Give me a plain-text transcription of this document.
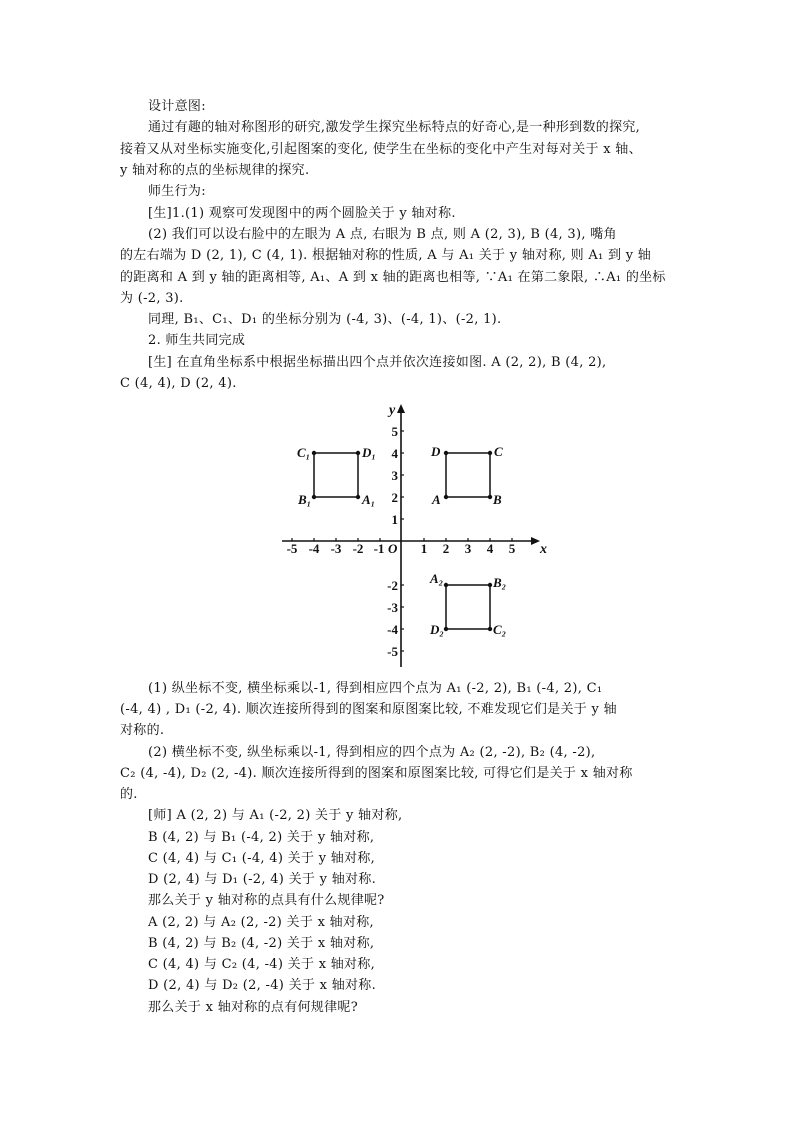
设计意图:
通过有趣的轴对称图形的研究,激发学生探究坐标特点的好奇心,是一种形到数的探究,
接着又从对坐标实施变化,引起图案的变化, 使学生在坐标的变化中产生对每对关于 x 轴、
y 轴对称的点的坐标规律的探究.
师生行为:
[生]1.(1) 观察可发现图中的两个圆脸关于 y 轴对称.
(2) 我们可以设右脸中的左眼为 A 点, 右眼为 B 点, 则 A (2, 3), B (4, 3), 嘴角
的左右端为 D (2, 1), C (4, 1). 根据轴对称的性质, A 与 A₁ 关于 y 轴对称, 则 A₁ 到 y 轴
的距离和 A 到 y 轴的距离相等, A₁、A 到 x 轴的距离也相等, ∵A₁ 在第二象限, ∴A₁ 的坐标
为 (-2, 3).
同理, B₁、C₁、D₁ 的坐标分别为 (-4, 3)、(-4, 1)、(-2, 1).
2. 师生共同完成
[生] 在直角坐标系中根据坐标描出四个点并依次连接如图. A (2, 2), B (4, 2),
C (4, 4), D (2, 4).
-5 -4 -3 -2 -1	1 2 3 4 5
5
4
3
2
1
-2
-3
-4
-5
x
y
O
D	C
A	B
C₁	D₁
B₁	A₁
A₂	B₂
D₂	C₂
(1) 纵坐标不变, 横坐标乘以-1, 得到相应四个点为 A₁ (-2, 2), B₁ (-4, 2), C₁
(-4, 4) , D₁ (-2, 4). 顺次连接所得到的图案和原图案比较, 不难发现它们是关于 y 轴
对称的.
(2) 横坐标不变, 纵坐标乘以-1, 得到相应的四个点为 A₂ (2, -2), B₂ (4, -2),
C₂ (4, -4), D₂ (2, -4). 顺次连接所得到的图案和原图案比较, 可得它们是关于 x 轴对称
的.
[师] A (2, 2) 与 A₁ (-2, 2) 关于 y 轴对称,
B (4, 2) 与 B₁ (-4, 2) 关于 y 轴对称,
C (4, 4) 与 C₁ (-4, 4) 关于 y 轴对称,
D (2, 4) 与 D₁ (-2, 4) 关于 y 轴对称.
那么关于 y 轴对称的点具有什么规律呢?
A (2, 2) 与 A₂ (2, -2) 关于 x 轴对称,
B (4, 2) 与 B₂ (4, -2) 关于 x 轴对称,
C (4, 4) 与 C₂ (4, -4) 关于 x 轴对称,
D (2, 4) 与 D₂ (2, -4) 关于 x 轴对称.
那么关于 x 轴对称的点有何规律呢?
